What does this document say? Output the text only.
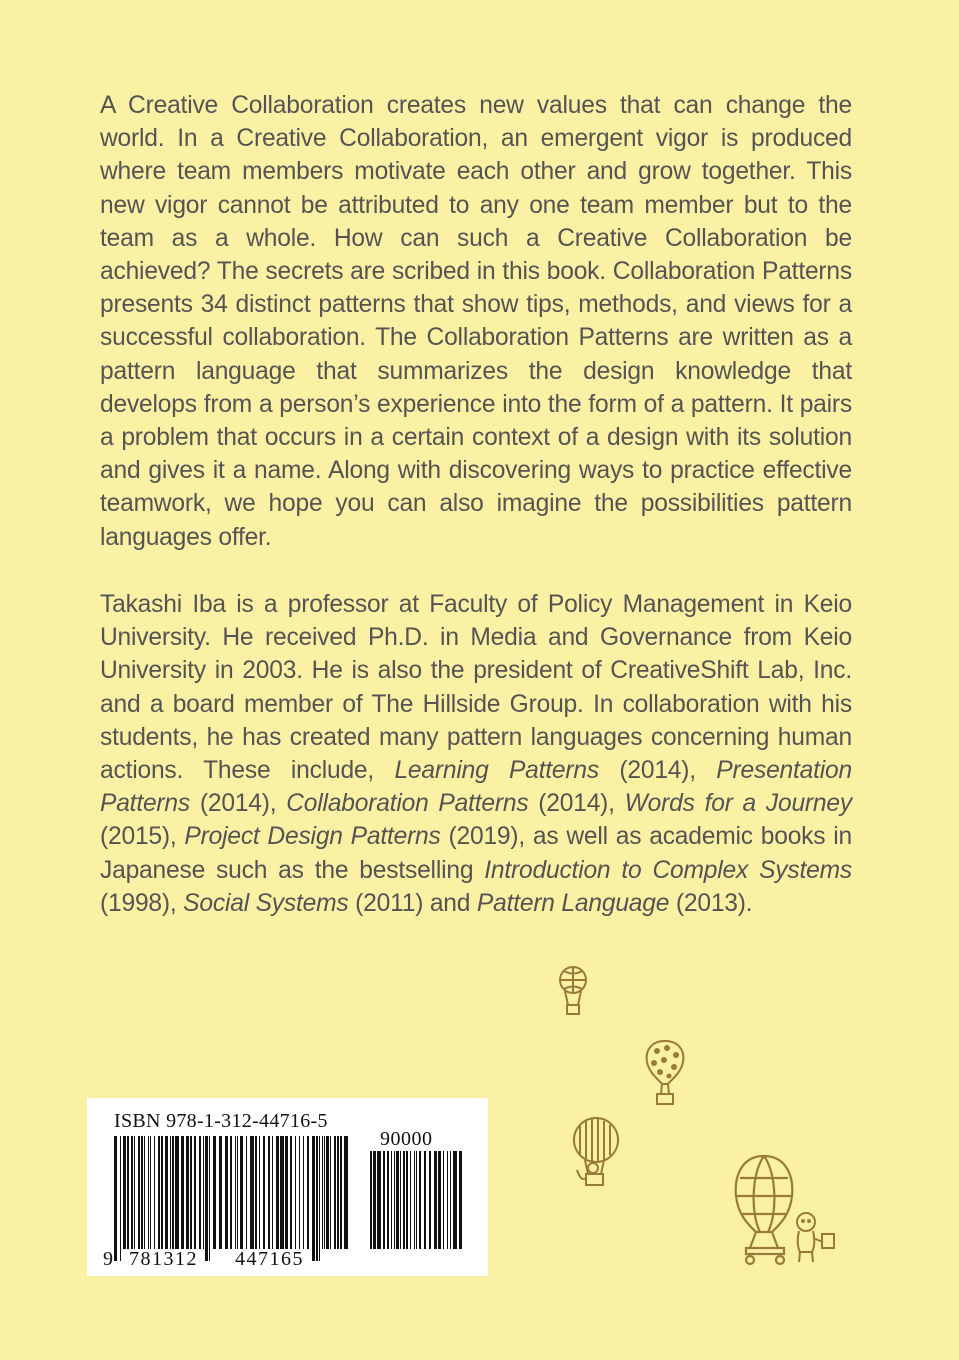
A Creative Collaboration creates new values that can change the world. In a Creative Collaboration, an emergent vigor is produced where team members motivate each other and grow together. This new vigor cannot be attributed to any one team member but to the team as a whole. How can such a Creative Collaboration be achieved? The secrets are scribed in this book. Collaboration Patterns presents 34 distinct patterns that show tips, methods, and views for a successful collaboration. The Collaboration Patterns are written as a pattern language that summarizes the design knowledge that develops from a person’s experience into the form of a pattern. It pairs a problem that occurs in a certain context of a design with its solution and gives it a name. Along with discovering ways to practice effective teamwork, we hope you can also imagine the possibilities pattern languages offer.

Takashi Iba is a professor at Faculty of Policy Management in Keio University. He received Ph.D. in Media and Governance from Keio University in 2003. He is also the president of CreativeShift Lab, Inc. and a board member of The Hillside Group. In collaboration with his students, he has created many pattern languages concerning human actions. These include, Learning Patterns (2014), Presentation Patterns (2014), Collaboration Patterns (2014), Words for a Journey (2015), Project Design Patterns (2019), as well as academic books in Japanese such as the bestselling Introduction to Complex Systems (1998), Social Systems (2011) and Pattern Language (2013).

ISBN 978-1-312-44716-5
90000
9 781312 447165
